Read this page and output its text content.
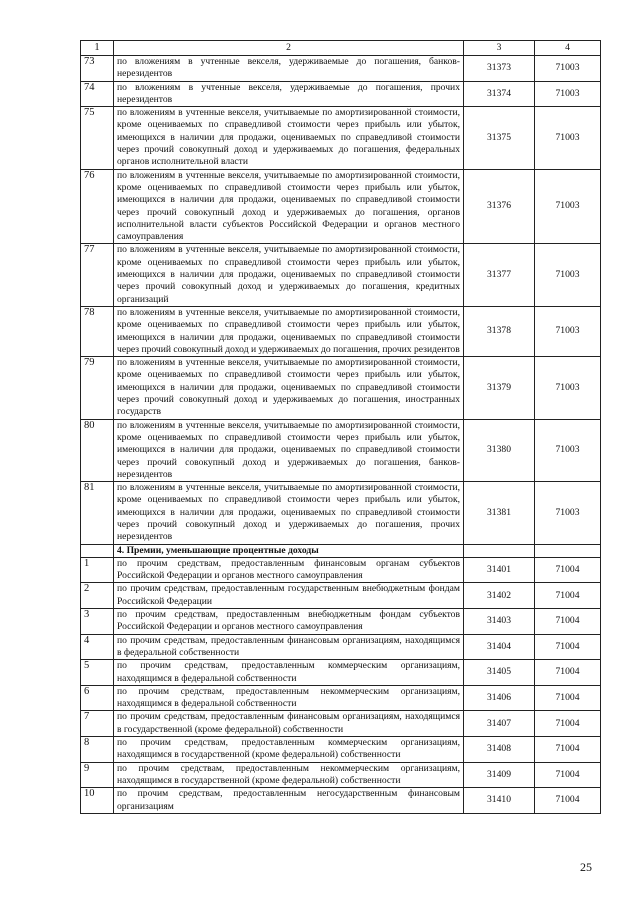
1	2	3	4
73	по вложениям в учтенные векселя, удерживаемые до погашения, банков-нерезидентов	31373	71003
74	по вложениям в учтенные векселя, удерживаемые до погашения, прочих нерезидентов	31374	71003
75	по вложениям в учтенные векселя, учитываемые по амортизированной стоимости, кроме оцениваемых по справедливой стоимости через прибыль или убыток, имеющихся в наличии для продажи, оцениваемых по справедливой стоимости через прочий совокупный доход и удерживаемых до погашения, федеральных органов исполнительной власти	31375	71003
76	по вложениям в учтенные векселя, учитываемые по амортизированной стоимости, кроме оцениваемых по справедливой стоимости через прибыль или убыток, имеющихся в наличии для продажи, оцениваемых по справедливой стоимости через прочий совокупный доход и удерживаемых до погашения, органов исполнительной власти субъектов Российской Федерации и органов местного самоуправления	31376	71003
77	по вложениям в учтенные векселя, учитываемые по амортизированной стоимости, кроме оцениваемых по справедливой стоимости через прибыль или убыток, имеющихся в наличии для продажи, оцениваемых по справедливой стоимости через прочий совокупный доход и удерживаемых до погашения, кредитных организаций	31377	71003
78	по вложениям в учтенные векселя, учитываемые по амортизированной стоимости, кроме оцениваемых по справедливой стоимости через прибыль или убыток, имеющихся в наличии для продажи, оцениваемых по справедливой стоимости через прочий совокупный доход и удерживаемых до погашения, прочих резидентов	31378	71003
79	по вложениям в учтенные векселя, учитываемые по амортизированной стоимости, кроме оцениваемых по справедливой стоимости через прибыль или убыток, имеющихся в наличии для продажи, оцениваемых по справедливой стоимости через прочий совокупный доход и удерживаемых до погашения, иностранных государств	31379	71003
80	по вложениям в учтенные векселя, учитываемые по амортизированной стоимости, кроме оцениваемых по справедливой стоимости через прибыль или убыток, имеющихся в наличии для продажи, оцениваемых по справедливой стоимости через прочий совокупный доход и удерживаемых до погашения, банков-нерезидентов	31380	71003
81	по вложениям в учтенные векселя, учитываемые по амортизированной стоимости, кроме оцениваемых по справедливой стоимости через прибыль или убыток, имеющихся в наличии для продажи, оцениваемых по справедливой стоимости через прочий совокупный доход и удерживаемых до погашения, прочих нерезидентов	31381	71003
	4. Премии, уменьшающие процентные доходы		
1	по прочим средствам, предоставленным финансовым органам субъектов Российской Федерации и органов местного самоуправления	31401	71004
2	по прочим средствам, предоставленным государственным внебюджетным фондам Российской Федерации	31402	71004
3	по прочим средствам, предоставленным внебюджетным фондам субъектов Российской Федерации и органов местного самоуправления	31403	71004
4	по прочим средствам, предоставленным финансовым организациям, находящимся в федеральной собственности	31404	71004
5	по прочим средствам, предоставленным коммерческим организациям, находящимся в федеральной собственности	31405	71004
6	по прочим средствам, предоставленным некоммерческим организациям, находящимся в федеральной собственности	31406	71004
7	по прочим средствам, предоставленным финансовым организациям, находящимся в государственной (кроме федеральной) собственности	31407	71004
8	по прочим средствам, предоставленным коммерческим организациям, находящимся в государственной (кроме федеральной) собственности	31408	71004
9	по прочим средствам, предоставленным некоммерческим организациям, находящимся в государственной (кроме федеральной) собственности	31409	71004
10	по прочим средствам, предоставленным негосударственным финансовым организациям	31410	71004
25
